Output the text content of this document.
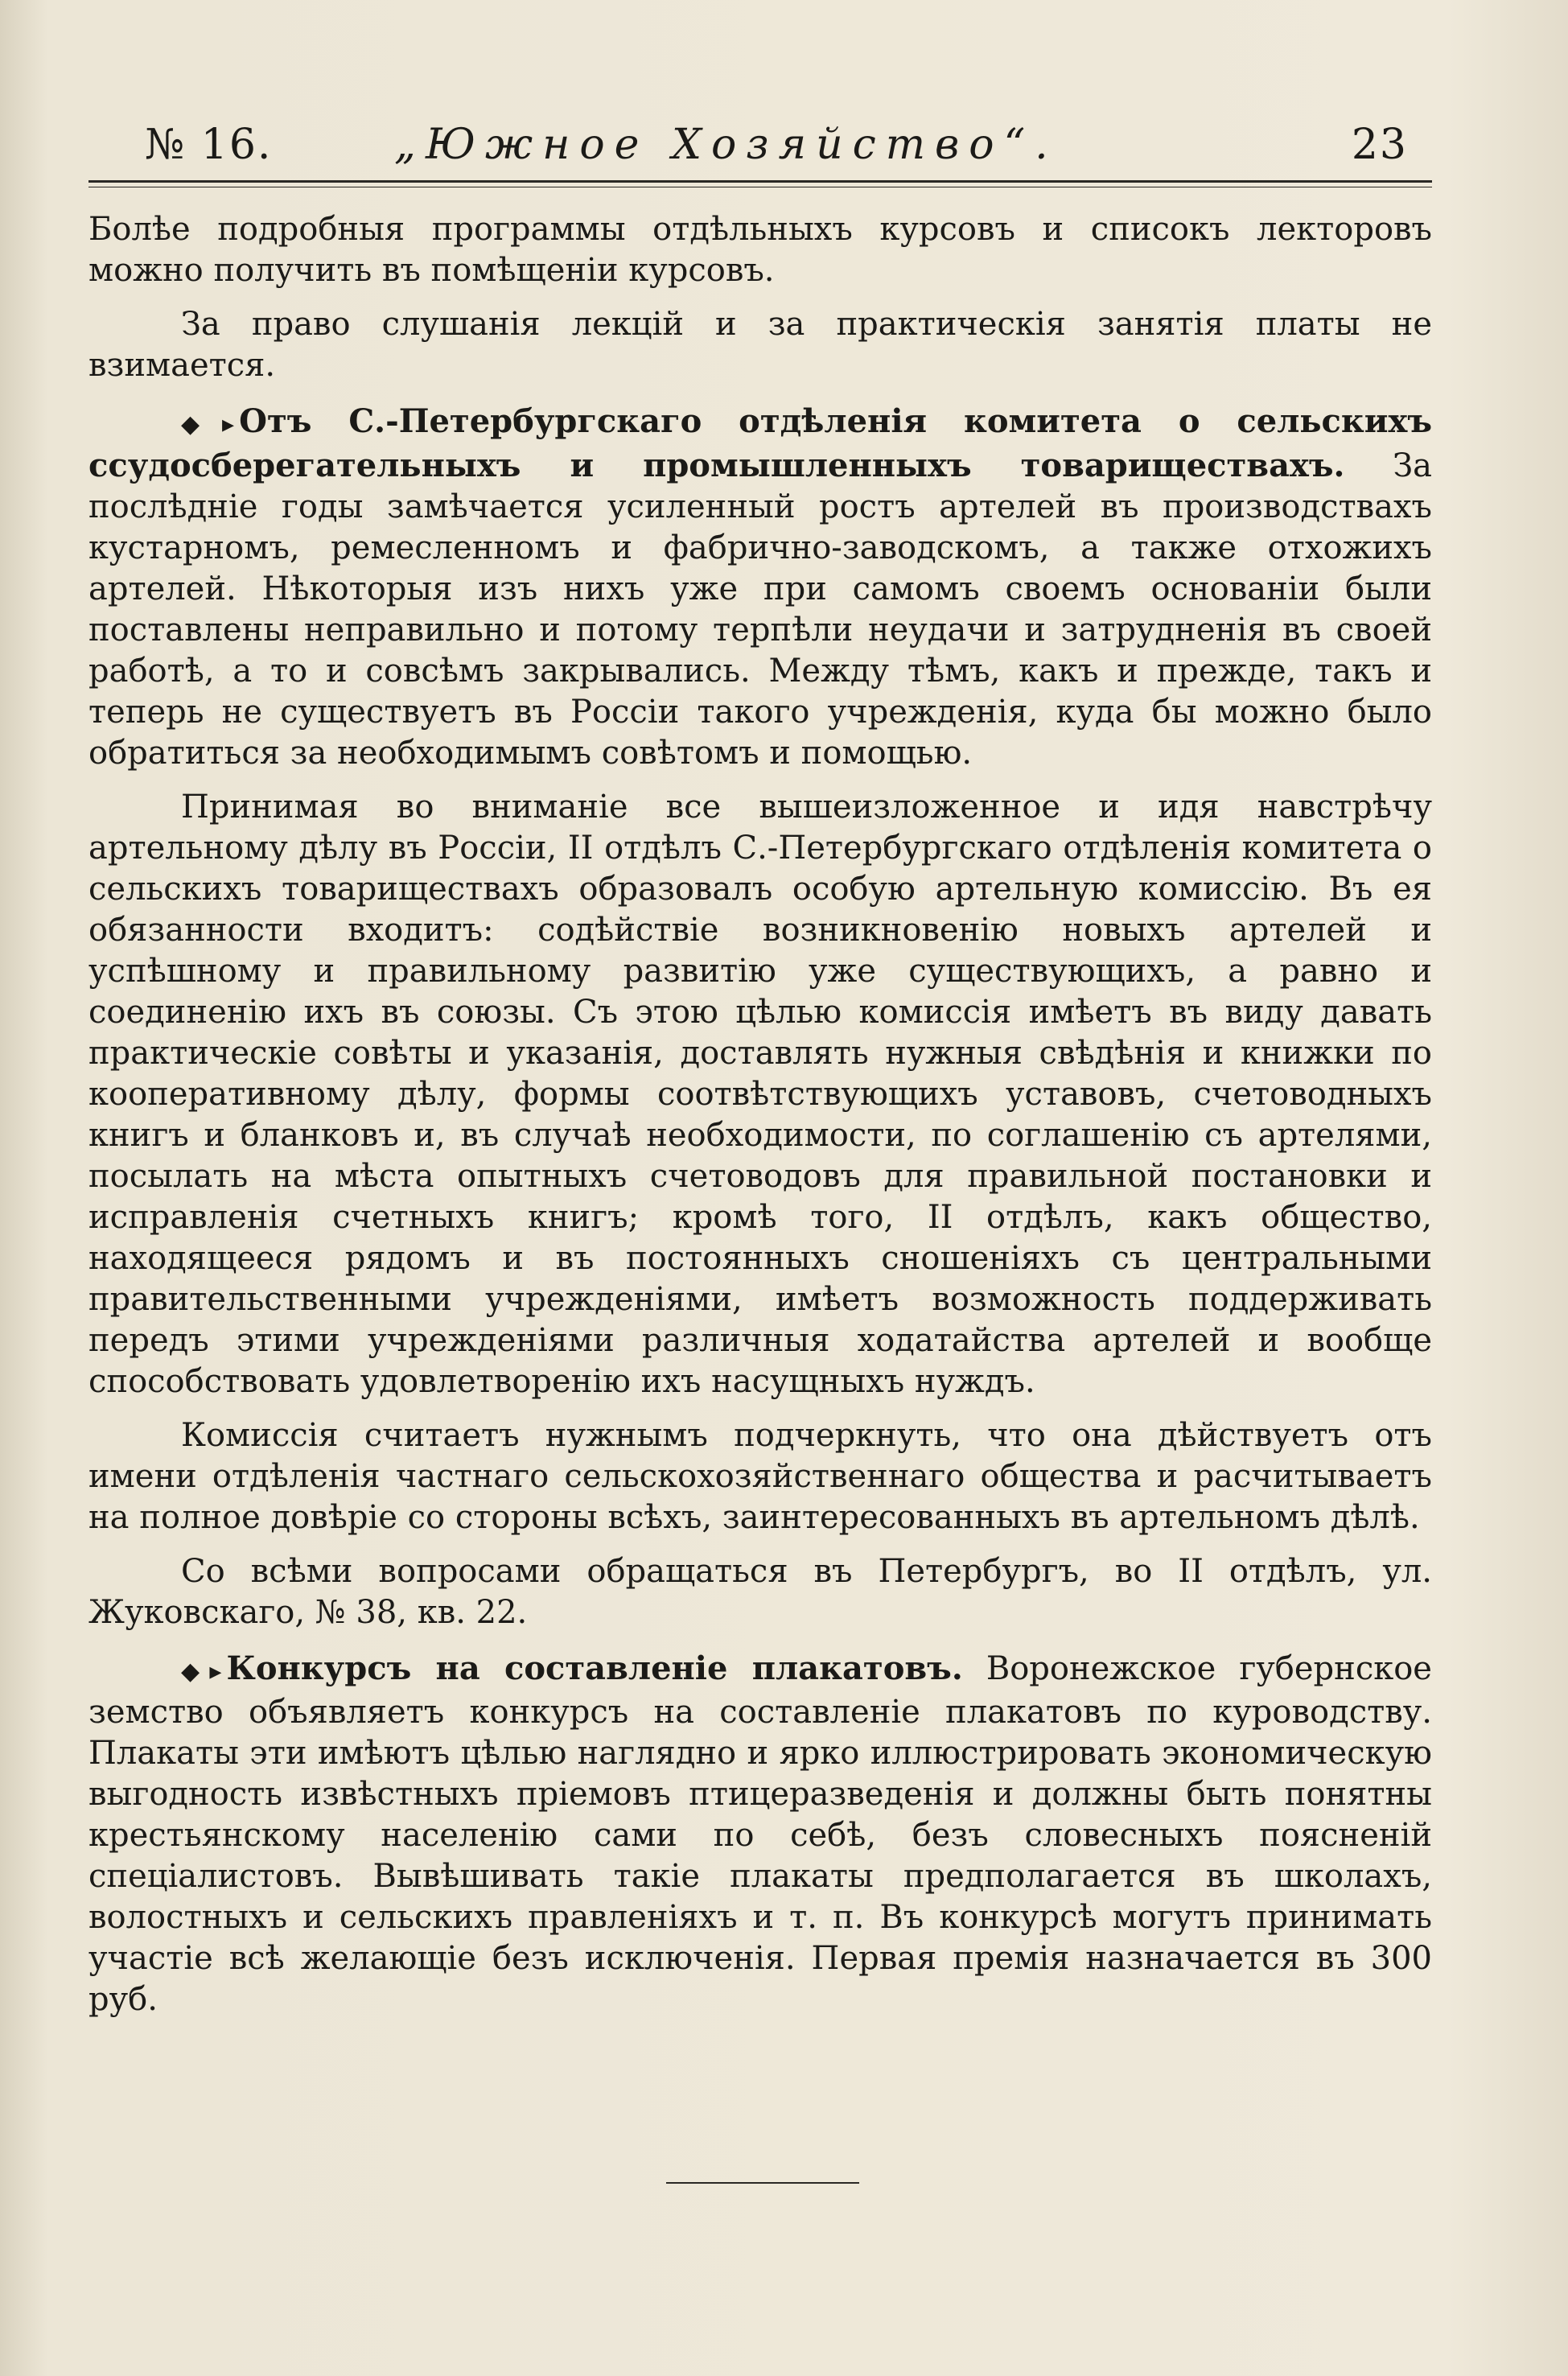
№ 16.	„Южное Хозяйство“.	23

Болѣе подробныя программы отдѣльныхъ курсовъ и списокъ лекторовъ можно получить въ помѣщеніи курсовъ.

За право слушанія лекцій и за практическія занятія платы не взимается.

◆▸ Отъ С.-Петербургскаго отдѣленія комитета о сельскихъ ссудосберегательныхъ и промышленныхъ товариществахъ. За послѣдніе годы замѣчается усиленный ростъ артелей въ производствахъ кустарномъ, ремесленномъ и фабрично-заводскомъ, а также отхожихъ артелей. Нѣкоторыя изъ нихъ уже при самомъ своемъ основаніи были поставлены неправильно и потому терпѣли неудачи и затрудненія въ своей работѣ, а то и совсѣмъ закрывались. Между тѣмъ, какъ и прежде, такъ и теперь не существуетъ въ Россіи такого учрежденія, куда бы можно было обратиться за необходимымъ совѣтомъ и помощью.

Принимая во вниманіе все вышеизложенное и идя навстрѣчу артельному дѣлу въ Россіи, II отдѣлъ С.-Петербургскаго отдѣленія комитета о сельскихъ товариществахъ образовалъ особую артельную комиссію. Въ ея обязанности входитъ: содѣйствіе возникновенію новыхъ артелей и успѣшному и правильному развитію уже существующихъ, а равно и соединенію ихъ въ союзы. Съ этою цѣлью комиссія имѣетъ въ виду давать практическіе совѣты и указанія, доставлять нужныя свѣдѣнія и книжки по кооперативному дѣлу, формы соотвѣтствующихъ уставовъ, счетоводныхъ книгъ и бланковъ и, въ случаѣ необходимости, по соглашенію съ артелями, посылать на мѣста опытныхъ счетоводовъ для правильной постановки и исправленія счетныхъ книгъ; кромѣ того, II отдѣлъ, какъ общество, находящееся рядомъ и въ постоянныхъ сношеніяхъ съ центральными правительственными учрежденіями, имѣетъ возможность поддерживать передъ этими учрежденіями различныя ходатайства артелей и вообще способствовать удовлетворенію ихъ насущныхъ нуждъ.

Комиссія считаетъ нужнымъ подчеркнуть, что она дѣйствуетъ отъ имени отдѣленія частнаго сельскохозяйственнаго общества и расчитываетъ на полное довѣріе со стороны всѣхъ, заинтересованныхъ въ артельномъ дѣлѣ.

Со всѣми вопросами обращаться въ Петербургъ, во II отдѣлъ, ул. Жуковскаго, № 38, кв. 22.

◆▸ Конкурсъ на составленіе плакатовъ. Воронежское губернское земство объявляетъ конкурсъ на составленіе плакатовъ по куроводству. Плакаты эти имѣютъ цѣлью наглядно и ярко иллюстрировать экономическую выгодность извѣстныхъ пріемовъ птицеразведенія и должны быть понятны крестьянскому населенію сами по себѣ, безъ словесныхъ поясненій спеціалистовъ. Вывѣшивать такіе плакаты предполагается въ школахъ, волостныхъ и сельскихъ правленіяхъ и т. п. Въ конкурсѣ могутъ принимать участіе всѣ желающіе безъ исключенія. Первая премія назначается въ 300 руб.
